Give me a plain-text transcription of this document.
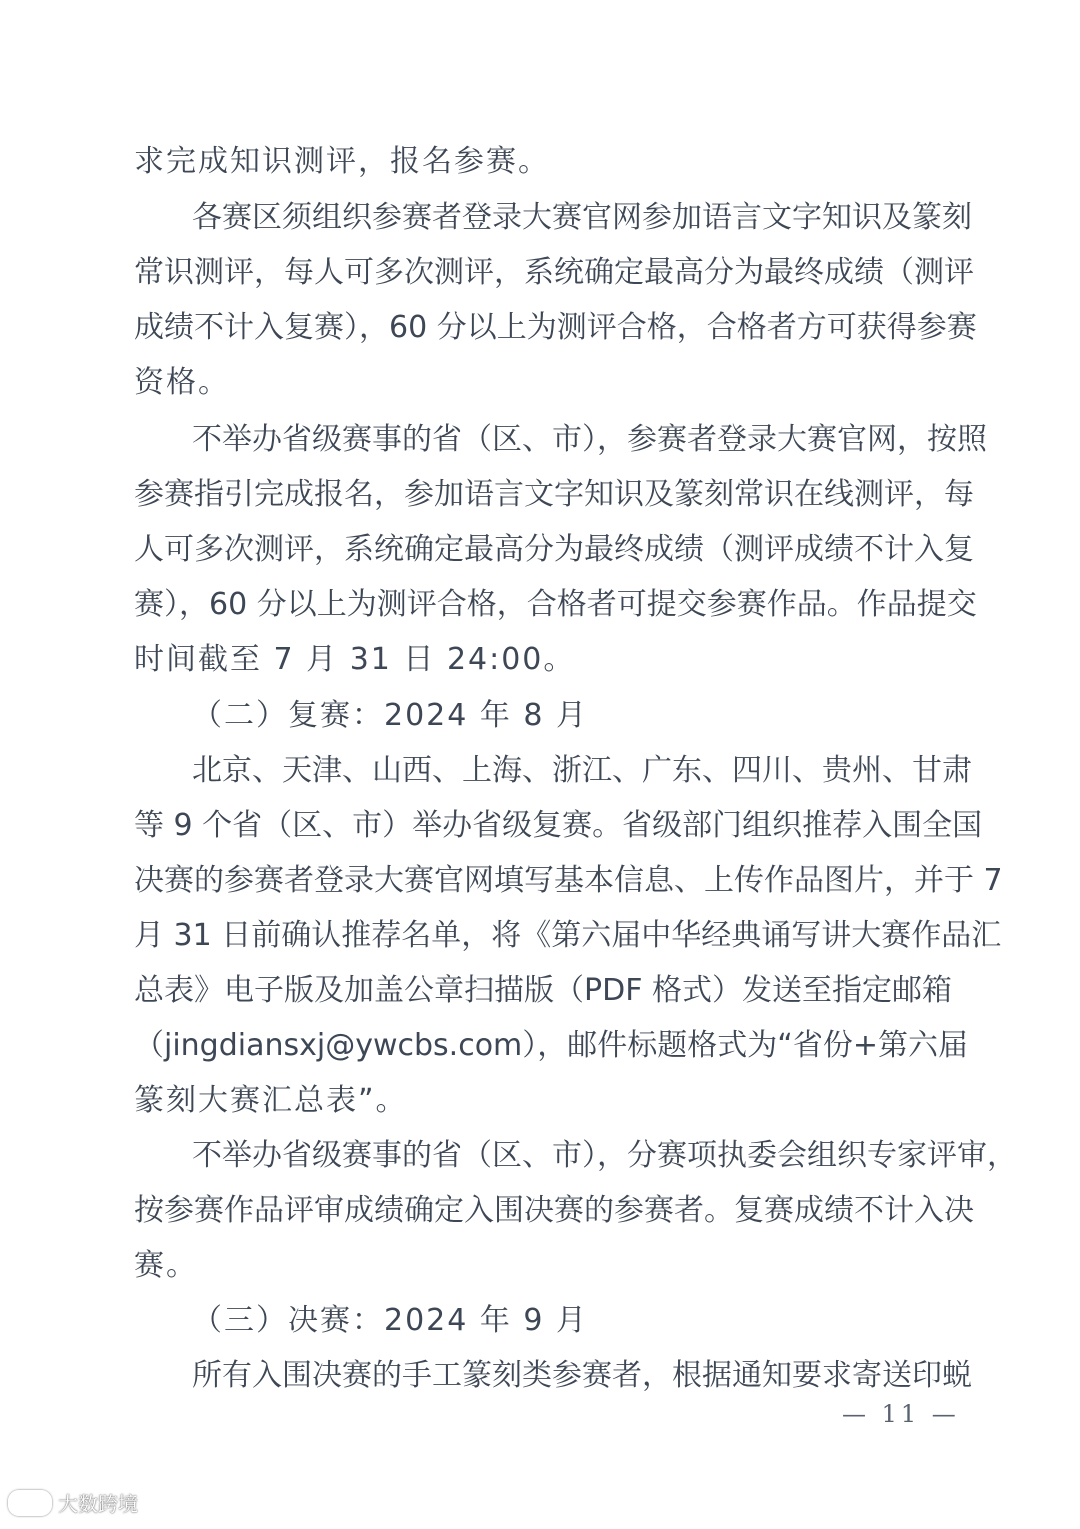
求完成知识测评，报名参赛。
各赛区须组织参赛者登录大赛官网参加语言文字知识及篆刻
常识测评，每人可多次测评，系统确定最高分为最终成绩（测评
成绩不计入复赛），60 分以上为测评合格，合格者方可获得参赛
资格。
不举办省级赛事的省（区、市），参赛者登录大赛官网，按照
参赛指引完成报名，参加语言文字知识及篆刻常识在线测评，每
人可多次测评，系统确定最高分为最终成绩（测评成绩不计入复
赛），60 分以上为测评合格，合格者可提交参赛作品。作品提交
时间截至 7 月 31 日 24:00。
（二）复赛：2024 年 8 月
北京、天津、山西、上海、浙江、广东、四川、贵州、甘肃
等 9 个省（区、市）举办省级复赛。省级部门组织推荐入围全国
决赛的参赛者登录大赛官网填写基本信息、上传作品图片，并于 7
月 31 日前确认推荐名单，将《第六届中华经典诵写讲大赛作品汇
总表》电子版及加盖公章扫描版（PDF 格式）发送至指定邮箱
（jingdiansxj@ywcbs.com），邮件标题格式为“省份+第六届
篆刻大赛汇总表”。
不举办省级赛事的省（区、市），分赛项执委会组织专家评审，
按参赛作品评审成绩确定入围决赛的参赛者。复赛成绩不计入决
赛。
（三）决赛：2024 年 9 月
所有入围决赛的手工篆刻类参赛者，根据通知要求寄送印蜕
— 11 —
大数跨境
